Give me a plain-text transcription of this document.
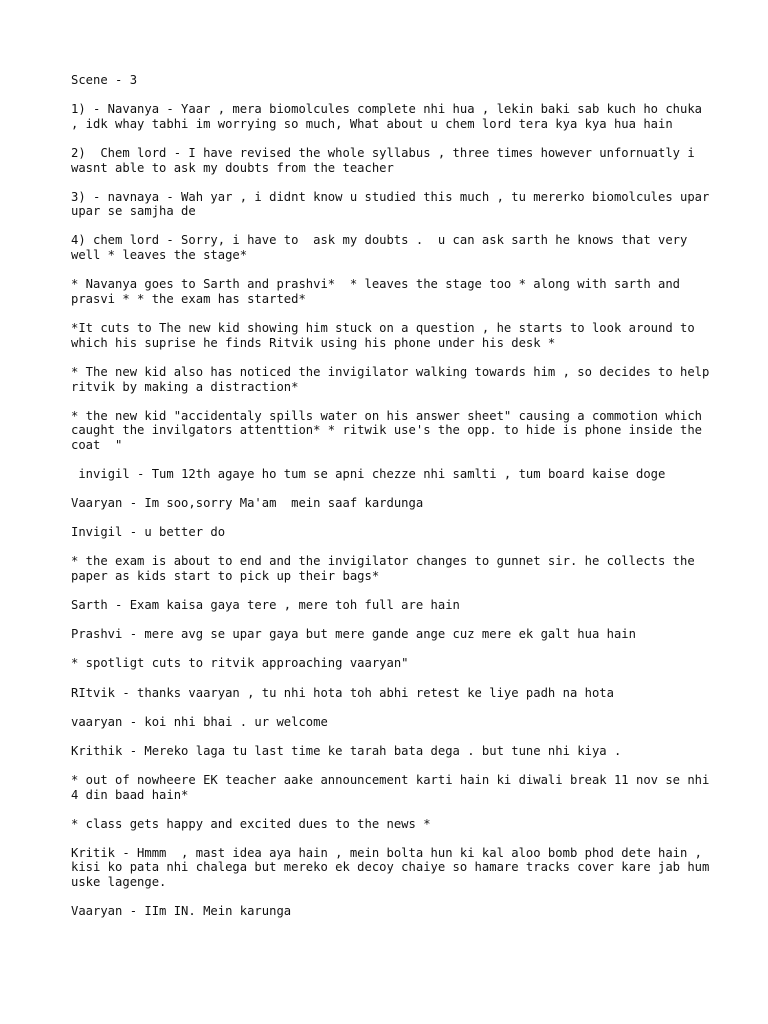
Scene - 3

1) - Navanya - Yaar , mera biomolcules complete nhi hua , lekin baki sab kuch ho chuka , idk whay tabhi im worrying so much, What about u chem lord tera kya kya hua hain

2)  Chem lord - I have revised the whole syllabus , three times however unfornuatly i wasnt able to ask my doubts from the teacher

3) - navnaya - Wah yar , i didnt know u studied this much , tu mererko biomolcules upar upar se samjha de

4) chem lord - Sorry, i have to  ask my doubts .  u can ask sarth he knows that very well * leaves the stage*

* Navanya goes to Sarth and prashvi*  * leaves the stage too * along with sarth and prasvi * * the exam has started*

*It cuts to The new kid showing him stuck on a question , he starts to look around to which his suprise he finds Ritvik using his phone under his desk *

* The new kid also has noticed the invigilator walking towards him , so decides to help ritvik by making a distraction*

* the new kid "accidentaly spills water on his answer sheet" causing a commotion which caught the invilgators attenttion* * ritwik use's the opp. to hide is phone inside the coat  "

invigil - Tum 12th agaye ho tum se apni chezze nhi samlti , tum board kaise doge

Vaaryan - Im soo,sorry Ma'am  mein saaf kardunga

Invigil - u better do

* the exam is about to end and the invigilator changes to gunnet sir. he collects the paper as kids start to pick up their bags*

Sarth - Exam kaisa gaya tere , mere toh full are hain

Prashvi - mere avg se upar gaya but mere gande ange cuz mere ek galt hua hain

* spotligt cuts to ritvik approaching vaaryan"

RItvik - thanks vaaryan , tu nhi hota toh abhi retest ke liye padh na hota

vaaryan - koi nhi bhai . ur welcome

Krithik - Mereko laga tu last time ke tarah bata dega . but tune nhi kiya .

* out of nowheere EK teacher aake announcement karti hain ki diwali break 11 nov se nhi 4 din baad hain*

* class gets happy and excited dues to the news *

Kritik - Hmmm  , mast idea aya hain , mein bolta hun ki kal aloo bomb phod dete hain , kisi ko pata nhi chalega but mereko ek decoy chaiye so hamare tracks cover kare jab hum uske lagenge.

Vaaryan - IIm IN. Mein karunga
